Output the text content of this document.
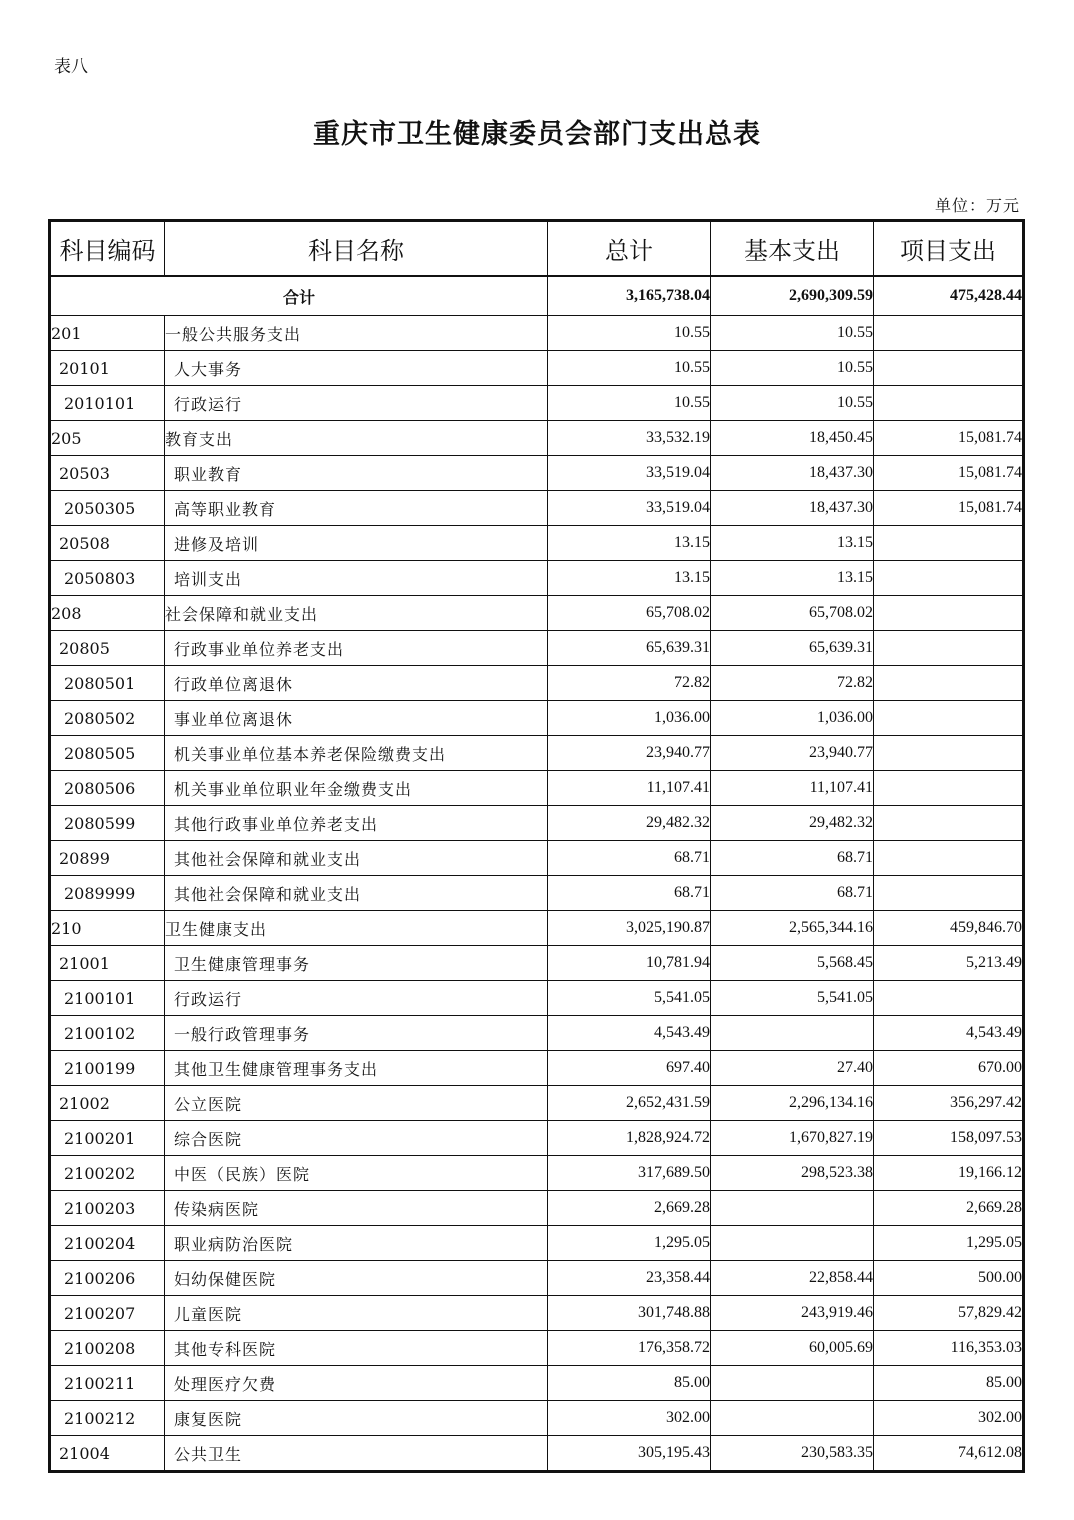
表八
重庆市卫生健康委员会部门支出总表
单位：万元
科目编码	科目名称	总计	基本支出	项目支出
合计		3,165,738.04	2,690,309.59	475,428.44
201	一般公共服务支出	10.55	10.55	
20101	人大事务	10.55	10.55	
2010101	行政运行	10.55	10.55	
205	教育支出	33,532.19	18,450.45	15,081.74
20503	职业教育	33,519.04	18,437.30	15,081.74
2050305	高等职业教育	33,519.04	18,437.30	15,081.74
20508	进修及培训	13.15	13.15	
2050803	培训支出	13.15	13.15	
208	社会保障和就业支出	65,708.02	65,708.02	
20805	行政事业单位养老支出	65,639.31	65,639.31	
2080501	行政单位离退休	72.82	72.82	
2080502	事业单位离退休	1,036.00	1,036.00	
2080505	机关事业单位基本养老保险缴费支出	23,940.77	23,940.77	
2080506	机关事业单位职业年金缴费支出	11,107.41	11,107.41	
2080599	其他行政事业单位养老支出	29,482.32	29,482.32	
20899	其他社会保障和就业支出	68.71	68.71	
2089999	其他社会保障和就业支出	68.71	68.71	
210	卫生健康支出	3,025,190.87	2,565,344.16	459,846.70
21001	卫生健康管理事务	10,781.94	5,568.45	5,213.49
2100101	行政运行	5,541.05	5,541.05	
2100102	一般行政管理事务	4,543.49		4,543.49
2100199	其他卫生健康管理事务支出	697.40	27.40	670.00
21002	公立医院	2,652,431.59	2,296,134.16	356,297.42
2100201	综合医院	1,828,924.72	1,670,827.19	158,097.53
2100202	中医（民族）医院	317,689.50	298,523.38	19,166.12
2100203	传染病医院	2,669.28		2,669.28
2100204	职业病防治医院	1,295.05		1,295.05
2100206	妇幼保健医院	23,358.44	22,858.44	500.00
2100207	儿童医院	301,748.88	243,919.46	57,829.42
2100208	其他专科医院	176,358.72	60,005.69	116,353.03
2100211	处理医疗欠费	85.00		85.00
2100212	康复医院	302.00		302.00
21004	公共卫生	305,195.43	230,583.35	74,612.08
